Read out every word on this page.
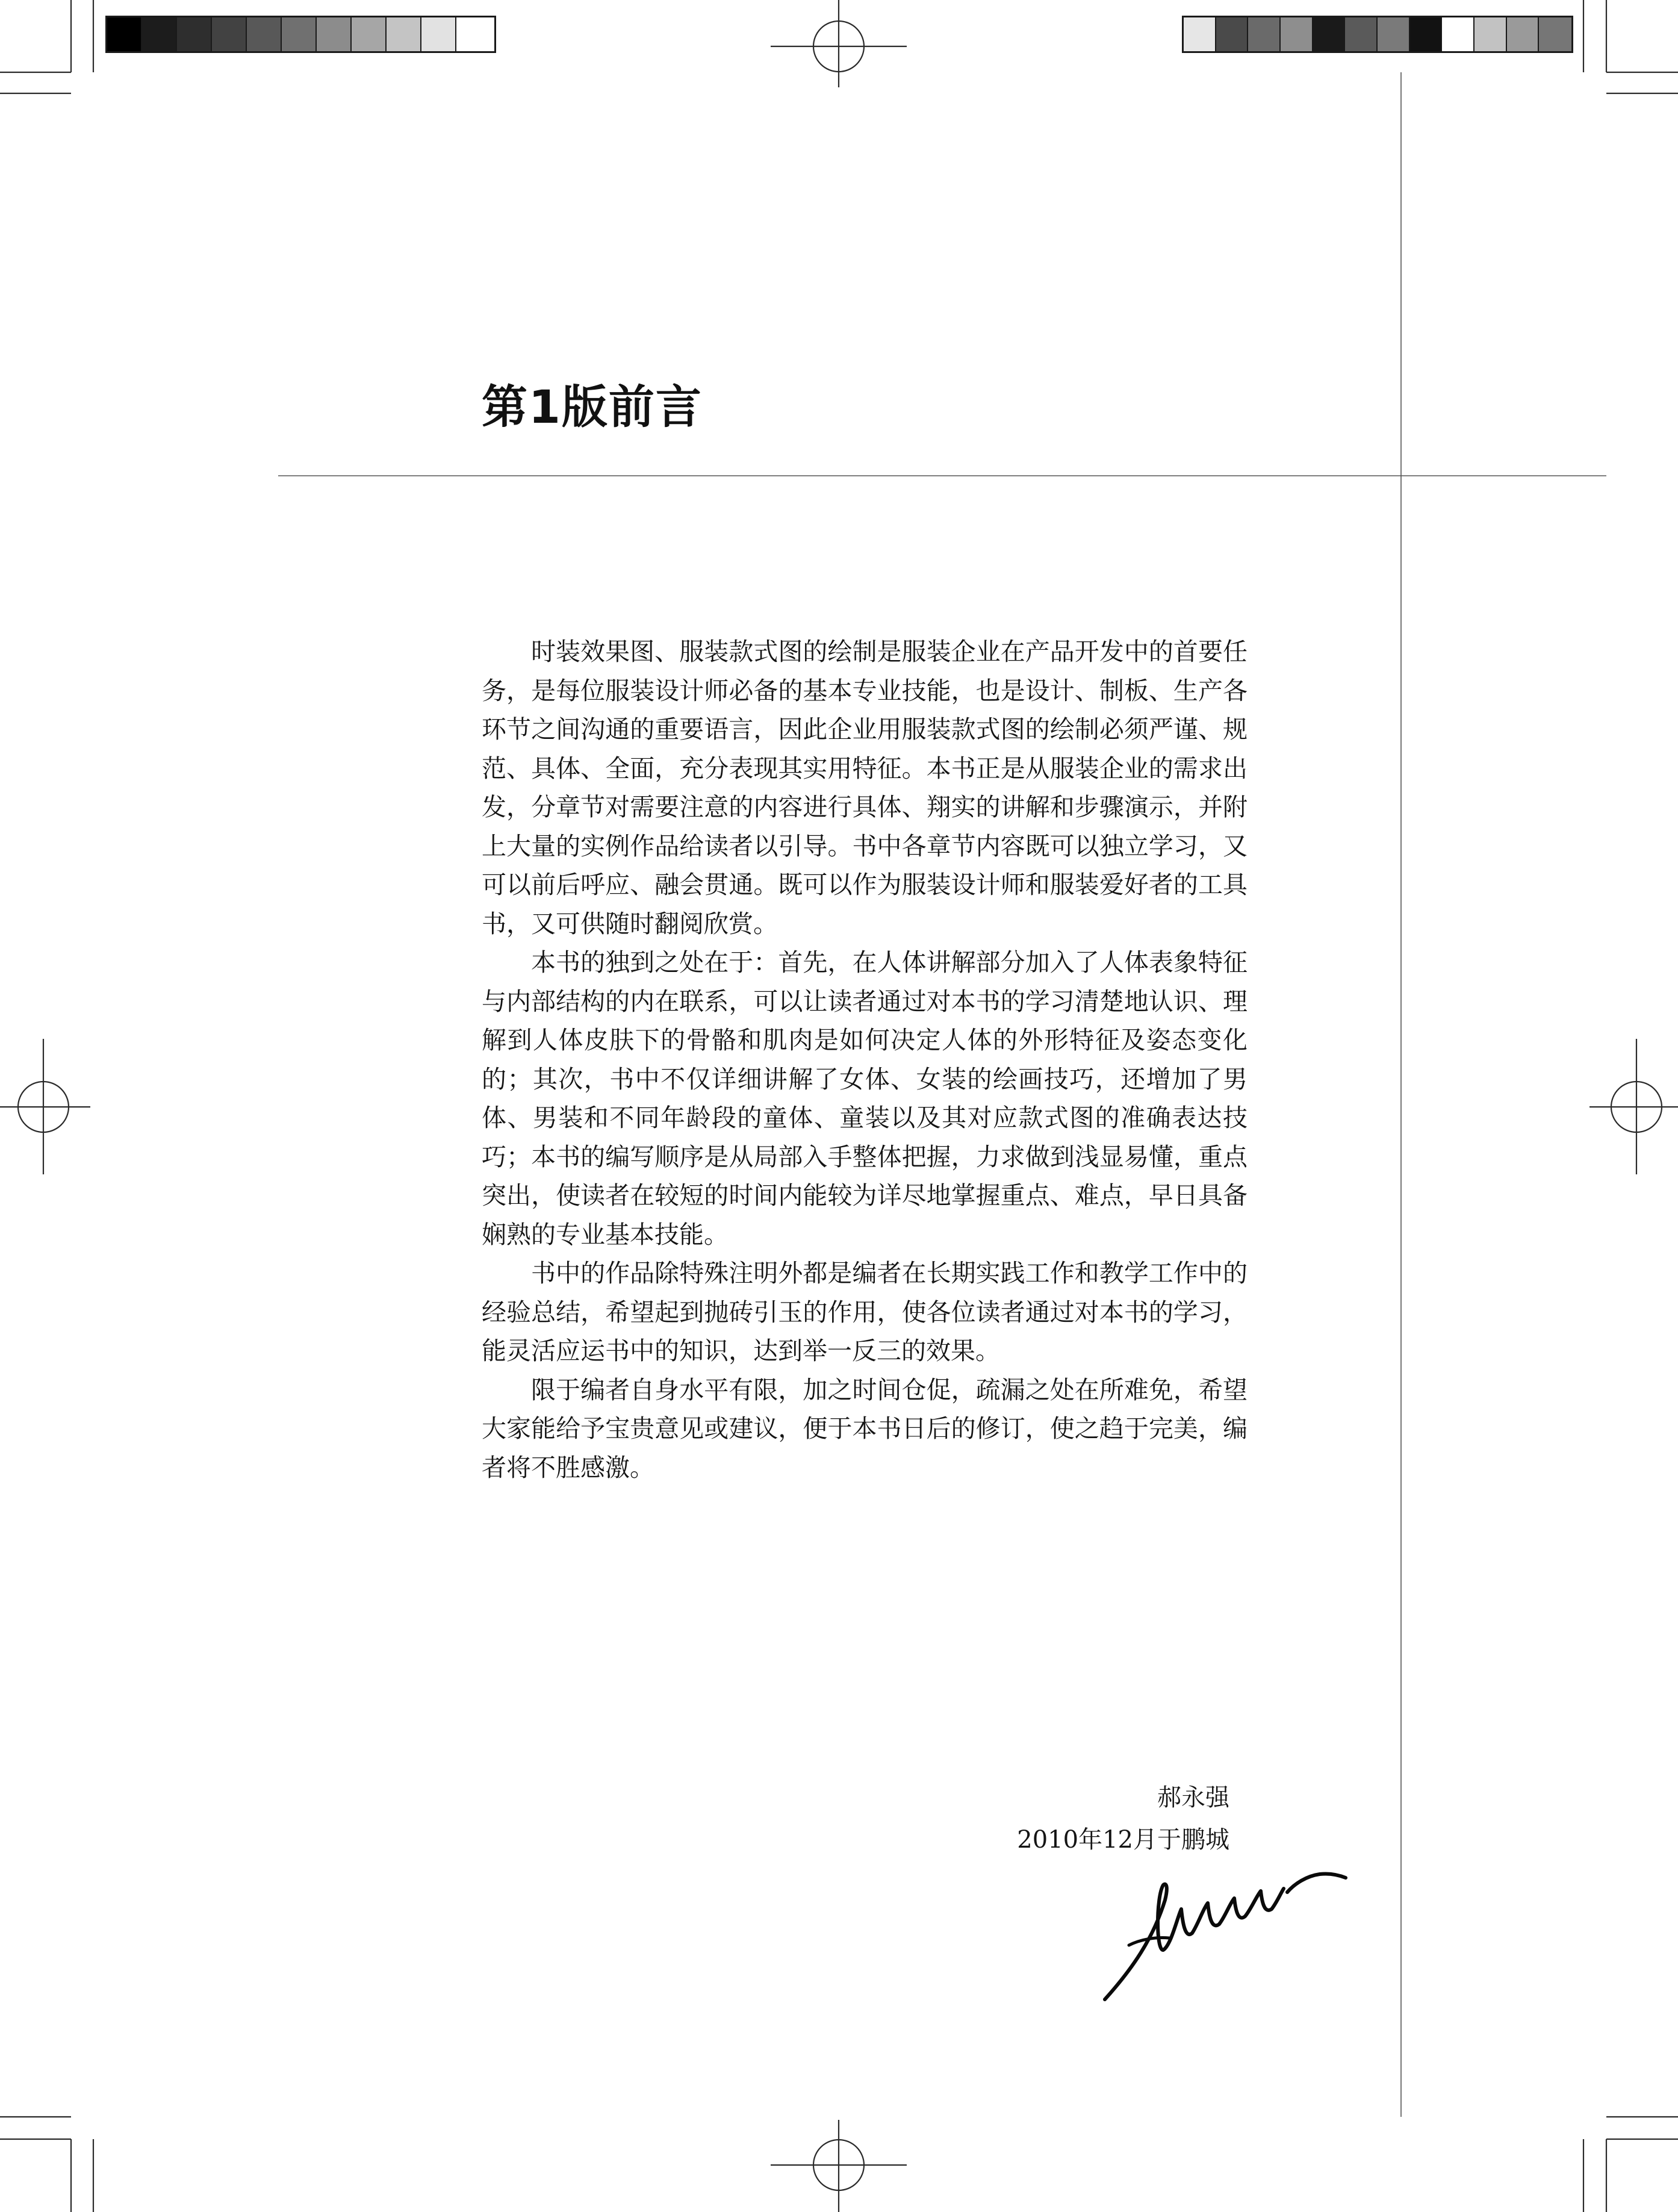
第1版前言

时装效果图、服装款式图的绘制是服装企业在产品开发中的首要任务，是每位服装设计师必备的基本专业技能，也是设计、制板、生产各环节之间沟通的重要语言，因此企业用服装款式图的绘制必须严谨、规范、具体、全面，充分表现其实用特征。本书正是从服装企业的需求出发，分章节对需要注意的内容进行具体、翔实的讲解和步骤演示，并附上大量的实例作品给读者以引导。书中各章节内容既可以独立学习，又可以前后呼应、融会贯通。既可以作为服装设计师和服装爱好者的工具书，又可供随时翻阅欣赏。

本书的独到之处在于：首先，在人体讲解部分加入了人体表象特征与内部结构的内在联系，可以让读者通过对本书的学习清楚地认识、理解到人体皮肤下的骨骼和肌肉是如何决定人体的外形特征及姿态变化的；其次，书中不仅详细讲解了女体、女装的绘画技巧，还增加了男体、男装和不同年龄段的童体、童装以及其对应款式图的准确表达技巧；本书的编写顺序是从局部入手整体把握，力求做到浅显易懂，重点突出，使读者在较短的时间内能较为详尽地掌握重点、难点，早日具备娴熟的专业基本技能。

书中的作品除特殊注明外都是编者在长期实践工作和教学工作中的经验总结，希望起到抛砖引玉的作用，使各位读者通过对本书的学习，能灵活应运书中的知识，达到举一反三的效果。

限于编者自身水平有限，加之时间仓促，疏漏之处在所难免，希望大家能给予宝贵意见或建议，便于本书日后的修订，使之趋于完美，编者将不胜感激。

郝永强
2010年12月于鹏城
